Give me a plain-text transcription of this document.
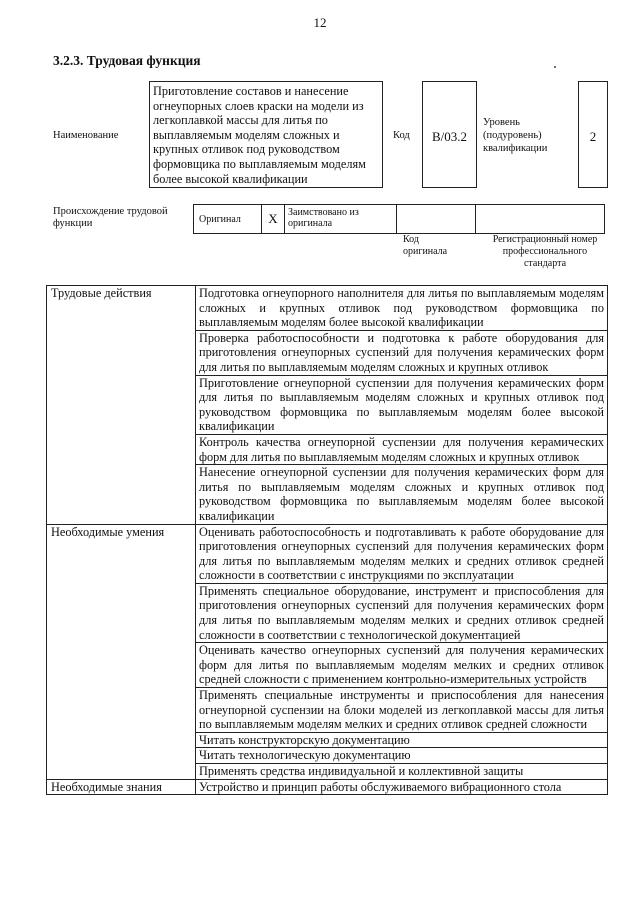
12
3.2.3. Трудовая функция
Наименование
Приготовление составов и нанесение огнеупорных слоев краски на модели из легкоплавкой массы для литья по выплавляемым моделям сложных и крупных отливок под руководством формовщика по выплавляемым моделям более высокой квалификации
Код	B/03.2
Уровень (подуровень) квалификации
2
Происхождение трудовой функции	Оригинал	X	Заимствовано из оригинала		
Код оригинала
Регистрационный номер профессионального стандарта
Трудовые действия	Подготовка огнеупорного наполнителя для литья по выплавляемым моделям сложных и крупных отливок под руководством формовщика по выплавляемым моделям более высокой квалификации
	Проверка работоспособности и подготовка к работе оборудования для приготовления огнеупорных суспензий для получения керамических форм для литья по выплавляемым моделям сложных и крупных отливок
	Приготовление огнеупорной суспензии для получения керамических форм для литья по выплавляемым моделям сложных и крупных отливок под руководством формовщика по выплавляемым моделям более высокой квалификации
	Контроль качества огнеупорной суспензии для получения керамических форм для литья по выплавляемым моделям сложных и крупных отливок
	Нанесение огнеупорной суспензии для получения керамических форм для литья по выплавляемым моделям сложных и крупных отливок под руководством формовщика по выплавляемым моделям более высокой квалификации
Необходимые умения	Оценивать работоспособность и подготавливать к работе оборудование для приготовления огнеупорных суспензий для получения керамических форм для литья по выплавляемым моделям мелких и средних отливок средней сложности в соответствии с инструкциями по эксплуатации
	Применять специальное оборудование, инструмент и приспособления для приготовления огнеупорных суспензий для получения керамических форм для литья по выплавляемым моделям мелких и средних отливок средней сложности в соответствии с технологической документацией
	Оценивать качество огнеупорных суспензий для получения керамических форм для литья по выплавляемым моделям мелких и средних отливок средней сложности с применением контрольно-измерительных устройств
	Применять специальные инструменты и приспособления для нанесения огнеупорной суспензии на блоки моделей из легкоплавкой массы для литья по выплавляемым моделям мелких и средних отливок средней сложности
	Читать конструкторскую документацию
	Читать технологическую документацию
	Применять средства индивидуальной и коллективной защиты
Необходимые знания	Устройство и принцип работы обслуживаемого вибрационного стола
